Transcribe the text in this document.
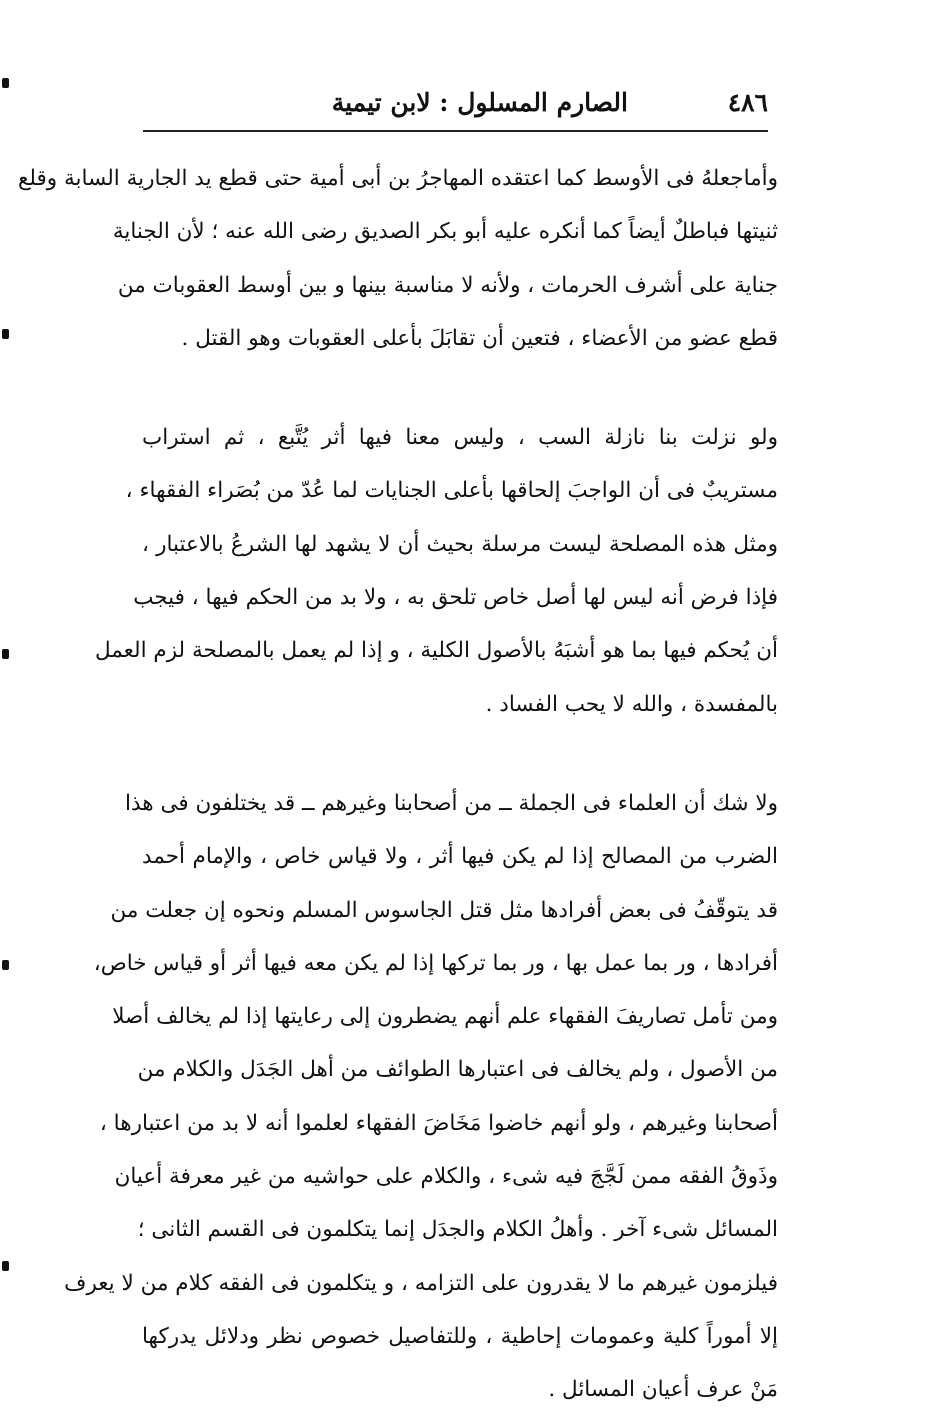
٤٨٦
الصارم المسلول : لابن تيمية
وأماجعلهُ فى الأوسط كما اعتقده المهاجرُ بن أبى أمية حتى قطع يد الجارية السابة وقلع
ثنيتها فباطلٌ أيضاً كما أنكره عليه أبو بكر الصديق رضى الله عنه ؛ لأن الجناية
جناية على أشرف الحرمات ، ولأنه لا مناسبة بينها و بين أوسط العقوبات من
قطع عضو من الأعضاء ، فتعين أن تقابَلَ بأعلى العقوبات وهو القتل .
ولو نزلت بنا نازلة السب ، وليس معنا فيها أثر يُتَّبع ، ثم استراب
مستريبٌ فى أن الواجبَ إلحاقها بأعلى الجنايات لما عُدّ من بُصَراء الفقهاء ،
ومثل هذه المصلحة ليست مرسلة بحيث أن لا يشهد لها الشرعُ بالاعتبار ،
فإذا فرض أنه ليس لها أصل خاص تلحق به ، ولا بد من الحكم فيها ، فيجب
أن يُحكم فيها بما هو أشبَهُ بالأصول الكلية ، و إذا لم يعمل بالمصلحة لزم العمل
بالمفسدة ، والله لا يحب الفساد .
ولا شك أن العلماء فى الجملة ــ من أصحابنا وغيرهم ــ قد يختلفون فى هذا
الضرب من المصالح إذا لم يكن فيها أثر ، ولا قياس خاص ، والإمام أحمد
قد يتوقّفُ فى بعض أفرادها مثل قتل الجاسوس المسلم ونحوه إن جعلت من
أفرادها ، ور بما عمل بها ، ور بما تركها إذا لم يكن معه فيها أثر أو قياس خاص،
ومن تأمل تصاريفَ الفقهاء علم أنهم يضطرون إلى رعايتها إذا لم يخالف أصلا
من الأصول ، ولم يخالف فى اعتبارها الطوائف من أهل الجَدَل والكلام من
أصحابنا وغيرهم ، ولو أنهم خاضوا مَخَاضَ الفقهاء لعلموا أنه لا بد من اعتبارها ،
وذَوقُ الفقه ممن لَجَّجَ فيه شىء ، والكلام على حواشيه من غير معرفة أعيان
المسائل شىء آخر . وأهلُ الكلام والجدَل إنما يتكلمون فى القسم الثانى ؛
فيلزمون غيرهم ما لا يقدرون على التزامه ، و يتكلمون فى الفقه كلام من لا يعرف
إلا أموراً كلية وعمومات إحاطية ، وللتفاصيل خصوص نظر ودلائل يدركها
مَنْ عرف أعيان المسائل .
